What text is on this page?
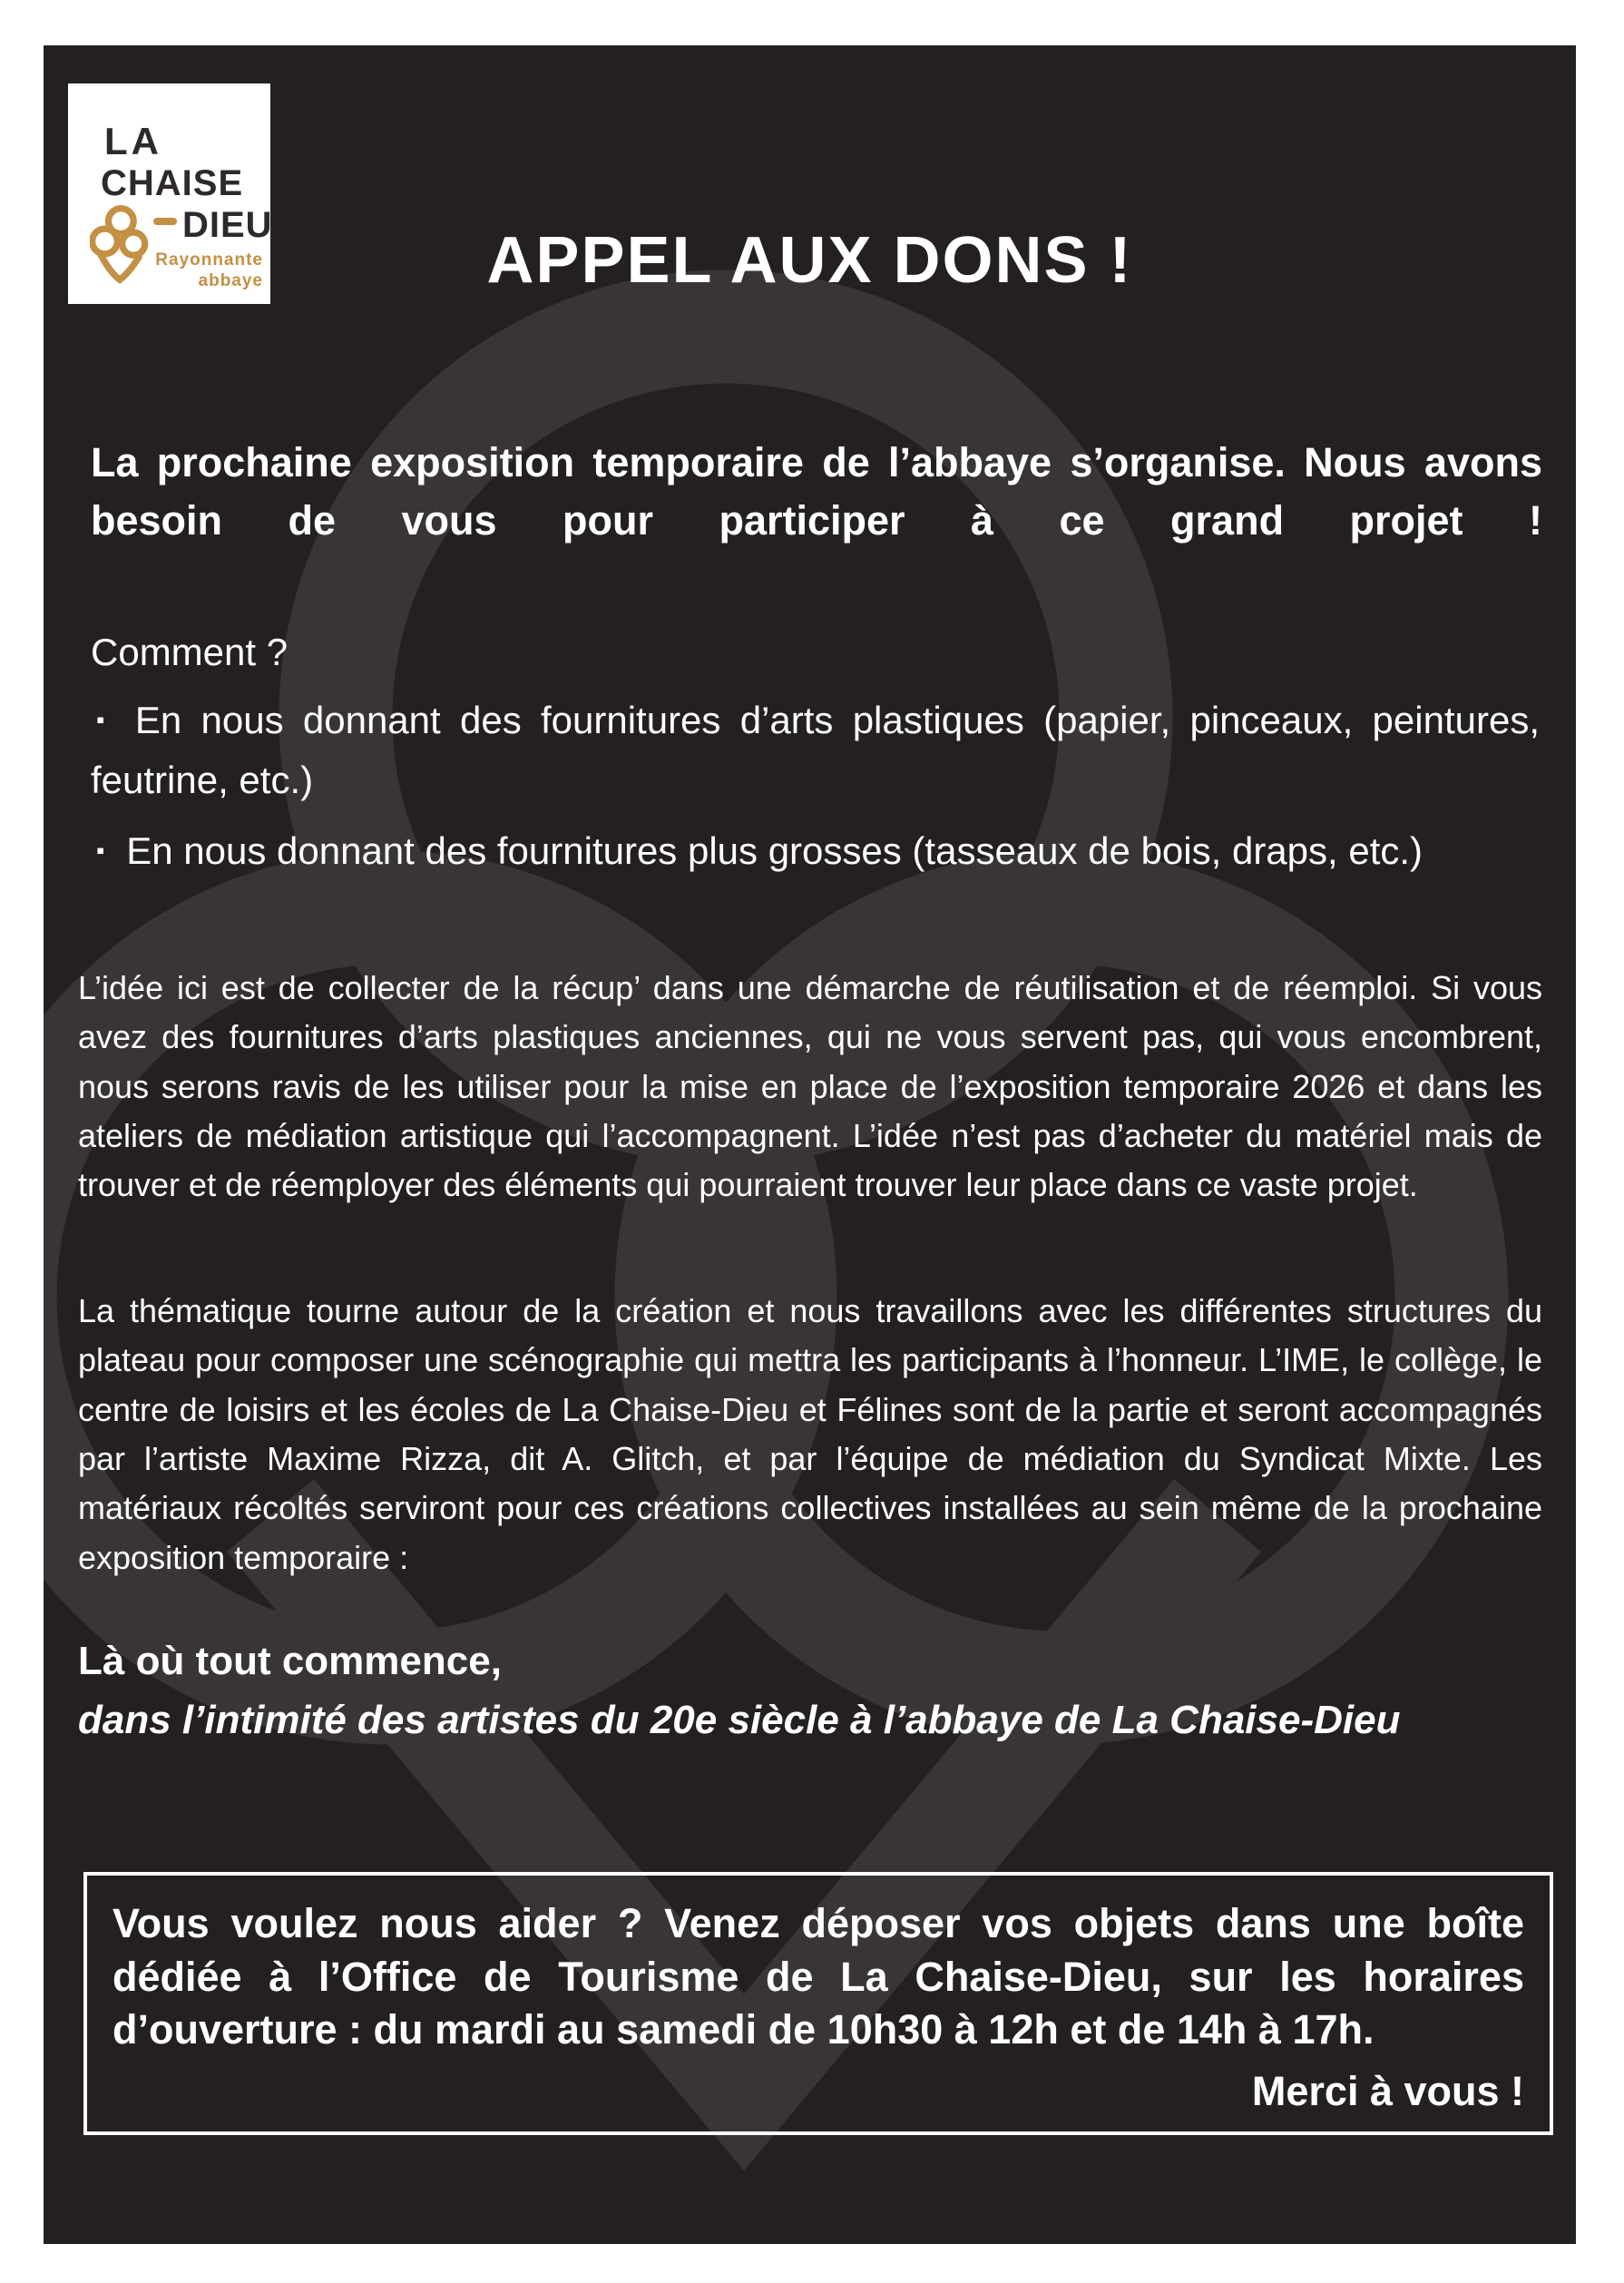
LA
CHAISE
DIEU
Rayonnante
abbaye	APPEL AUX DONS !

La prochaine exposition temporaire de l’abbaye s’organise. Nous avons besoin de vous pour participer à ce grand projet !

Comment ?

▪ En nous donnant des fournitures d’arts plastiques (papier, pinceaux, peintures, feutrine, etc.)

▪ En nous donnant des fournitures plus grosses (tasseaux de bois, draps, etc.)

L’idée ici est de collecter de la récup’ dans une démarche de réutilisation et de réemploi. Si vous avez des fournitures d’arts plastiques anciennes, qui ne vous servent pas, qui vous encombrent, nous serons ravis de les utiliser pour la mise en place de l’exposition temporaire 2026 et dans les ateliers de médiation artistique qui l’accompagnent. L’idée n’est pas d’acheter du matériel mais de trouver et de réemployer des éléments qui pourraient trouver leur place dans ce vaste projet.

La thématique tourne autour de la création et nous travaillons avec les différentes structures du plateau pour composer une scénographie qui mettra les participants à l’honneur. L’IME, le collège, le centre de loisirs et les écoles de La Chaise-Dieu et Félines sont de la partie et seront accompagnés par l’artiste Maxime Rizza, dit A. Glitch, et par l’équipe de médiation du Syndicat Mixte. Les matériaux récoltés serviront pour ces créations collectives installées au sein même de la prochaine exposition temporaire :

Là où tout commence,
dans l’intimité des artistes du 20e siècle à l’abbaye de La Chaise-Dieu

Vous voulez nous aider ? Venez déposer vos objets dans une boîte dédiée à l’Office de Tourisme de La Chaise-Dieu, sur les horaires d’ouverture : du mardi au samedi de 10h30 à 12h et de 14h à 17h.

Merci à vous !
